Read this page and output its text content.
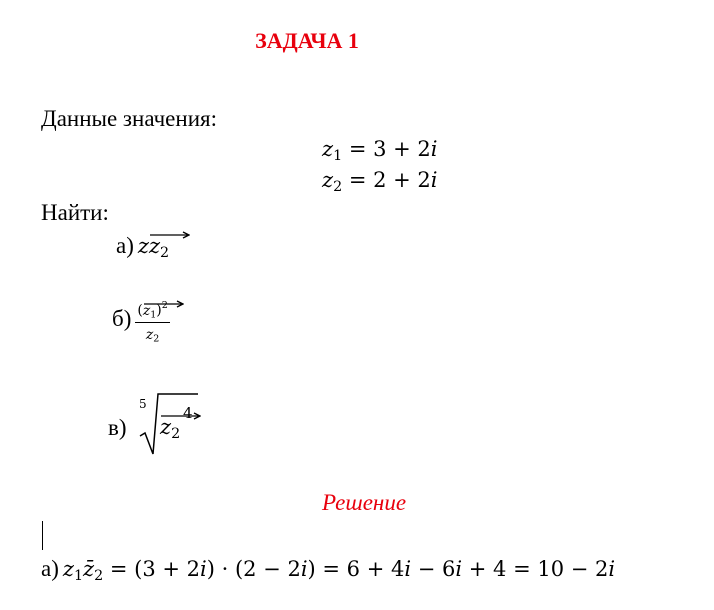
ЗАДАЧА 1
Данные значения:
$z_1 = 3 + 2i$
$z_2 = 2 + 2i$
Найти:
а) z
$z_2$
б) (
$z_1)^2$
$z_2$
в)
5
$z_2$
4
Решение
а) $z_1z̄_2 = (3 + 2i) \cdot (2 - 2i) = 6 + 4i - 6i + 4 = 10 - 2i$
